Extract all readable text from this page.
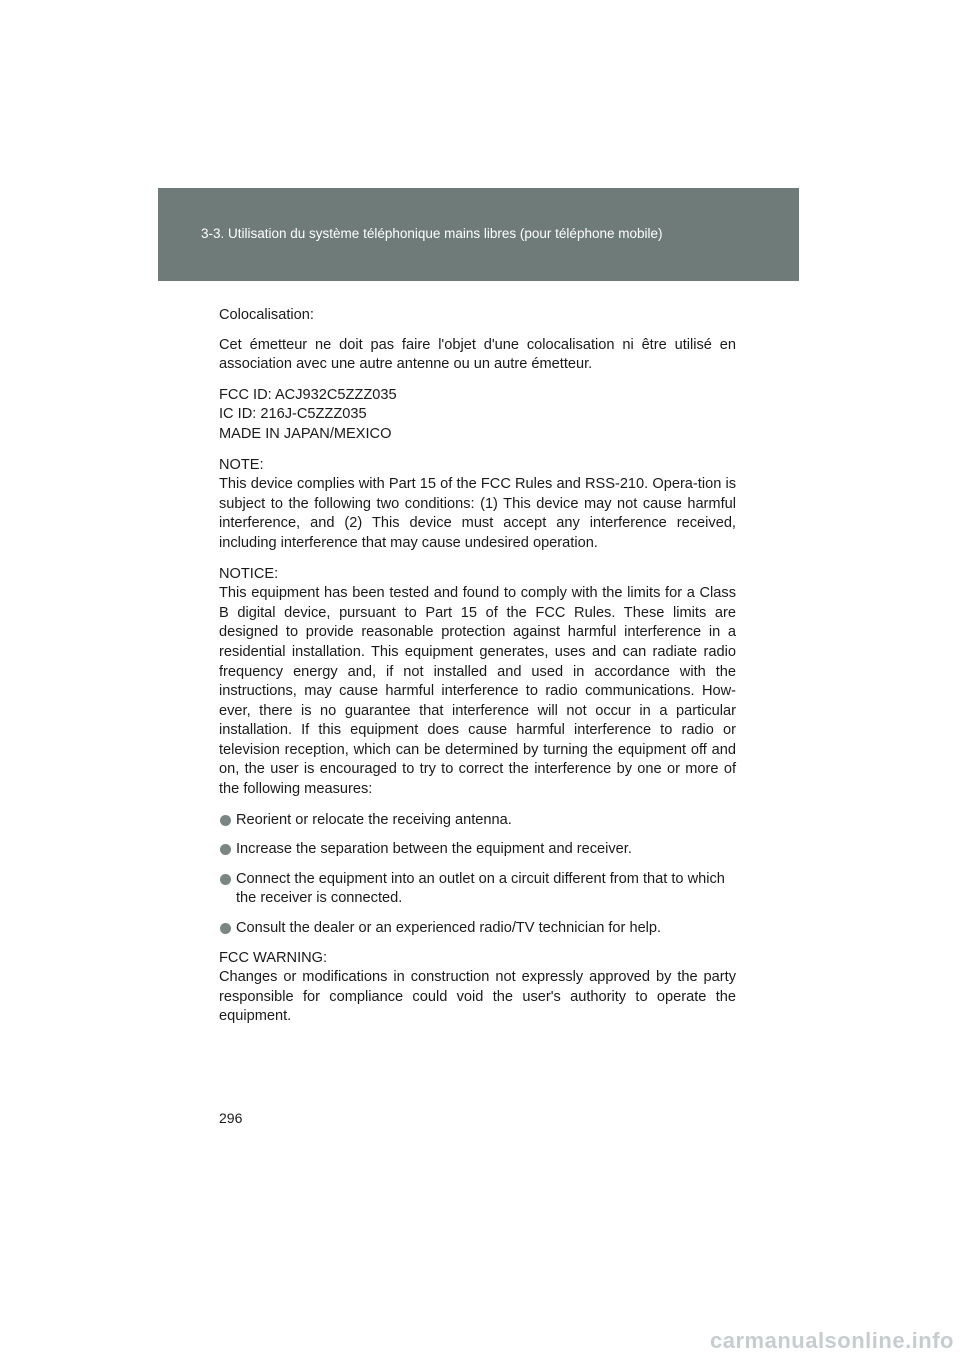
3-3. Utilisation du système téléphonique mains libres (pour téléphone mobile)

Colocalisation:

Cet émetteur ne doit pas faire l'objet d'une colocalisation ni être utilisé en association avec une autre antenne ou un autre émetteur.

FCC ID: ACJ932C5ZZZ035

IC ID: 216J-C5ZZZ035

MADE IN JAPAN/MEXICO

NOTE:

This device complies with Part 15 of the FCC Rules and RSS-210. Opera-tion is subject to the following two conditions: (1) This device may not cause harmful interference, and (2) This device must accept any interference received, including interference that may cause undesired operation.

NOTICE:

This equipment has been tested and found to comply with the limits for a Class B digital device, pursuant to Part 15 of the FCC Rules. These limits are designed to provide reasonable protection against harmful interference in a residential installation. This equipment generates, uses and can radiate radio frequency energy and, if not installed and used in accordance with the instructions, may cause harmful interference to radio communications. How-ever, there is no guarantee that interference will not occur in a particular installation. If this equipment does cause harmful interference to radio or television reception, which can be determined by turning the equipment off and on, the user is encouraged to try to correct the interference by one or more of the following measures:

Reorient or relocate the receiving antenna.
Increase the separation between the equipment and receiver.
Connect the equipment into an outlet on a circuit different from that to which the receiver is connected.
Consult the dealer or an experienced radio/TV technician for help.

FCC WARNING:

Changes or modifications in construction not expressly approved by the party responsible for compliance could void the user's authority to operate the equipment.

296
carmanualsonline.info
